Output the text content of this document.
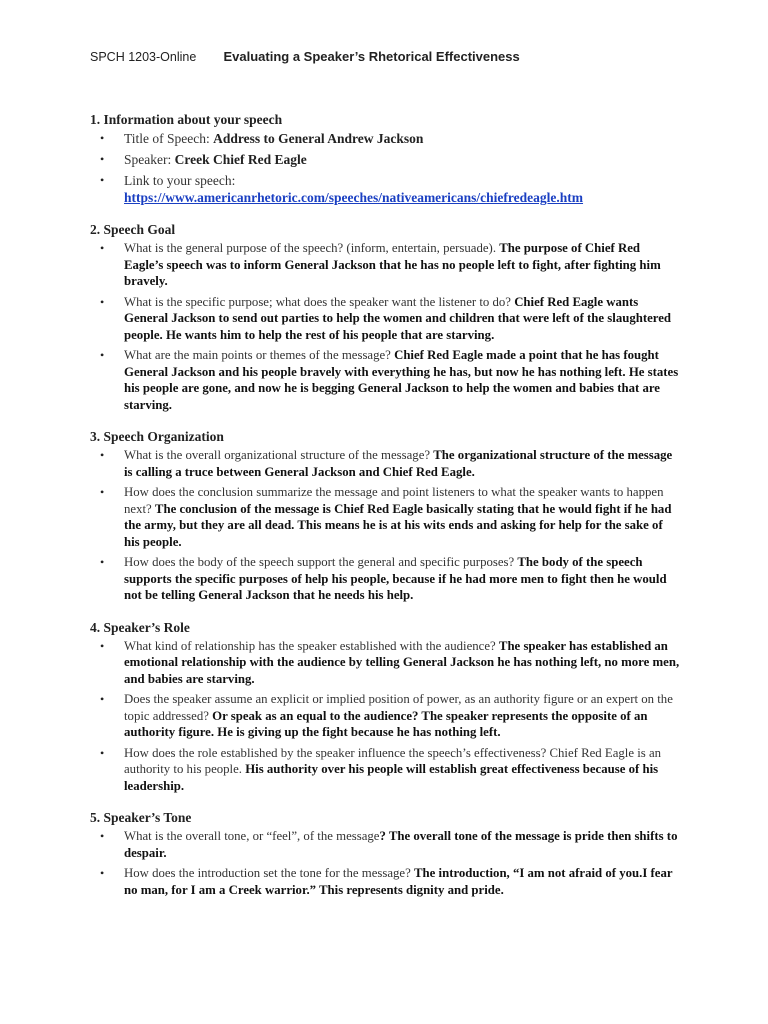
SPCH 1203-Online Evaluating a Speaker’s Rhetorical Effectiveness
1. Information about your speech
• Title of Speech: Address to General Andrew Jackson
• Speaker: Creek Chief Red Eagle
• Link to your speech:
https://www.americanrhetoric.com/speeches/nativeamericans/chiefredeagle.htm
2. Speech Goal
• What is the general purpose of the speech? (inform, entertain, persuade). The purpose of Chief Red Eagle’s speech was to inform General Jackson that he has no people left to fight, after fighting him bravely.
• What is the specific purpose; what does the speaker want the listener to do? Chief Red Eagle wants General Jackson to send out parties to help the women and children that were left of the slaughtered people. He wants him to help the rest of his people that are starving.
• What are the main points or themes of the message? Chief Red Eagle made a point that he has fought General Jackson and his people bravely with everything he has, but now he has nothing left. He states his people are gone, and now he is begging General Jackson to help the women and babies that are starving.
3. Speech Organization
• What is the overall organizational structure of the message? The organizational structure of the message is calling a truce between General Jackson and Chief Red Eagle.
• How does the conclusion summarize the message and point listeners to what the speaker wants to happen next? The conclusion of the message is Chief Red Eagle basically stating that he would fight if he had the army, but they are all dead. This means he is at his wits ends and asking for help for the sake of his people.
• How does the body of the speech support the general and specific purposes? The body of the speech supports the specific purposes of help his people, because if he had more men to fight then he would not be telling General Jackson that he needs his help.
4. Speaker’s Role
• What kind of relationship has the speaker established with the audience? The speaker has established an emotional relationship with the audience by telling General Jackson he has nothing left, no more men, and babies are starving.
• Does the speaker assume an explicit or implied position of power, as an authority figure or an expert on the topic addressed? Or speak as an equal to the audience? The speaker represents the opposite of an authority figure. He is giving up the fight because he has nothing left.
• How does the role established by the speaker influence the speech’s effectiveness? Chief Red Eagle is an authority to his people. His authority over his people will establish great effectiveness because of his leadership.
5. Speaker’s Tone
• What is the overall tone, or “feel”, of the message? The overall tone of the message is pride then shifts to despair.
• How does the introduction set the tone for the message? The introduction, “I am not afraid of you.I fear no man, for I am a Creek warrior.” This represents dignity and pride.
